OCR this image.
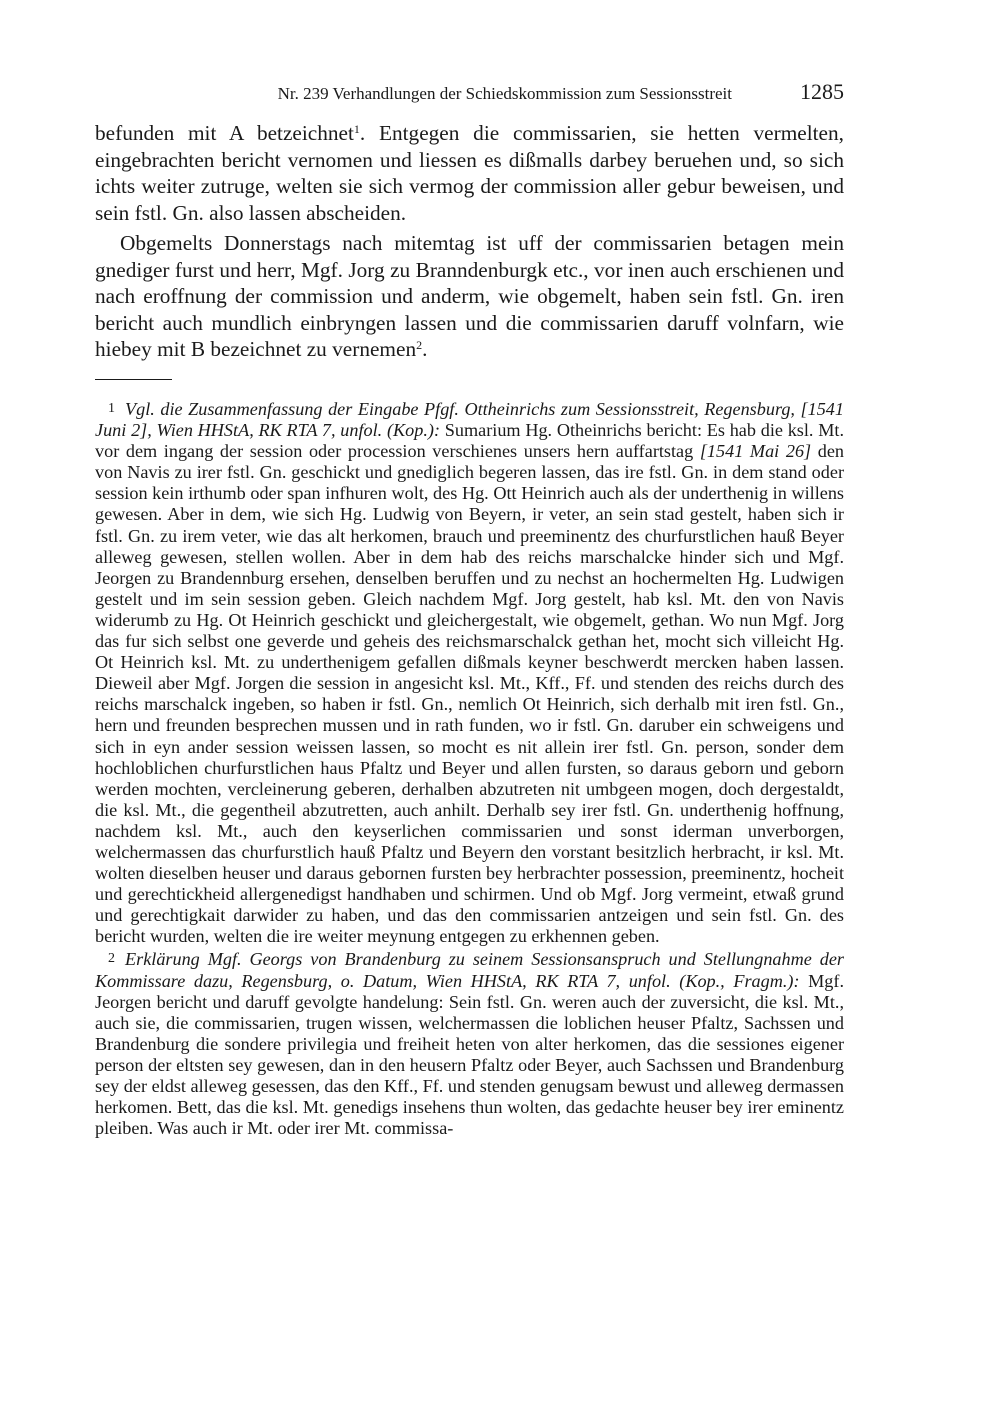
Nr. 239 Verhandlungen der Schiedskommission zum Sessionsstreit	1285

befunden mit A betzeichnet$^1$. Entgegen die commissarien, sie hetten vermelten, eingebrachten bericht vernomen und liessen es dißmalls darbey beruehen und, so sich ichts weiter zutruge, welten sie sich vermog der commission aller gebur beweisen, und sein fstl. Gn. also lassen abscheiden.

Obgemelts Donnerstags nach mitemtag ist uff der commissarien betagen mein gnediger furst und herr, Mgf. Jorg zu Branndenburgk etc., vor inen auch erschienen und nach eroffnung der commission und anderm, wie obgemelt, haben sein fstl. Gn. iren bericht auch mundlich einbryngen lassen und die commissarien daruff volnfarn, wie hiebey mit B bezeichnet zu vernemen$^2$.

1 Vgl. die Zusammenfassung der Eingabe Pfgf. Ottheinrichs zum Sessionsstreit, Regensburg, [1541 Juni 2], Wien HHStA, RK RTA 7, unfol. (Kop.): Sumarium Hg. Otheinrichs bericht: Es hab die ksl. Mt. vor dem ingang der session oder procession verschienes unsers hern auffartstag [1541 Mai 26] den von Navis zu irer fstl. Gn. geschickt und gnediglich begeren lassen, das ire fstl. Gn. in dem stand oder session kein irthumb oder span infhuren wolt, des Hg. Ott Heinrich auch als der underthenig in willens gewesen. Aber in dem, wie sich Hg. Ludwig von Beyern, ir veter, an sein stad gestelt, haben sich ir fstl. Gn. zu irem veter, wie das alt herkomen, brauch und preeminentz des churfurstlichen hauß Beyer alleweg gewesen, stellen wollen. Aber in dem hab des reichs marschalcke hinder sich und Mgf. Jeorgen zu Brandennburg ersehen, denselben beruffen und zu nechst an hochermelten Hg. Ludwigen gestelt und im sein session geben. Gleich nachdem Mgf. Jorg gestelt, hab ksl. Mt. den von Navis widerumb zu Hg. Ot Heinrich geschickt und gleichergestalt, wie obgemelt, gethan. Wo nun Mgf. Jorg das fur sich selbst one geverde und geheis des reichsmarschalck gethan het, mocht sich villeicht Hg. Ot Heinrich ksl. Mt. zu underthenigem gefallen dißmals keyner beschwerdt mercken haben lassen. Dieweil aber Mgf. Jorgen die session in angesicht ksl. Mt., Kff., Ff. und stenden des reichs durch des reichs marschalck ingeben, so haben ir fstl. Gn., nemlich Ot Heinrich, sich derhalb mit iren fstl. Gn., hern und freunden besprechen mussen und in rath funden, wo ir fstl. Gn. daruber ein schweigens und sich in eyn ander session weissen lassen, so mocht es nit allein irer fstl. Gn. person, sonder dem hochloblichen churfurstlichen haus Pfaltz und Beyer und allen fursten, so daraus geborn und geborn werden mochten, vercleinerung geberen, derhalben abzutreten nit umbgeen mogen, doch dergestaldt, die ksl. Mt., die gegentheil abzutretten, auch anhilt. Derhalb sey irer fstl. Gn. underthenig hoffnung, nachdem ksl. Mt., auch den keyserlichen commissarien und sonst iderman unverborgen, welchermassen das churfurstlich hauß Pfaltz und Beyern den vorstant besitzlich herbracht, ir ksl. Mt. wolten dieselben heuser und daraus gebornen fursten bey herbrachter possession, preeminentz, hocheit und gerechtickheid allergenedigst handhaben und schirmen. Und ob Mgf. Jorg vermeint, etwaß grund und gerechtigkait darwider zu haben, und das den commissarien antzeigen und sein fstl. Gn. des bericht wurden, welten die ire weiter meynung entgegen zu erkhennen geben.

2 Erklärung Mgf. Georgs von Brandenburg zu seinem Sessionsanspruch und Stellungnahme der Kommissare dazu, Regensburg, o. Datum, Wien HHStA, RK RTA 7, unfol. (Kop., Fragm.): Mgf. Jeorgen bericht und daruff gevolgte handelung: Sein fstl. Gn. weren auch der zuversicht, die ksl. Mt., auch sie, die commissarien, trugen wissen, welchermassen die loblichen heuser Pfaltz, Sachssen und Brandenburg die sondere privilegia und freiheit heten von alter herkomen, das die sessiones eigener person der eltsten sey gewesen, dan in den heusern Pfaltz oder Beyer, auch Sachssen und Brandenburg sey der eldst alleweg gesessen, das den Kff., Ff. und stenden genugsam bewust und alleweg dermassen herkomen. Bett, das die ksl. Mt. genedigs insehens thun wolten, das gedachte heuser bey irer eminentz pleiben. Was auch ir Mt. oder irer Mt. commissa-
